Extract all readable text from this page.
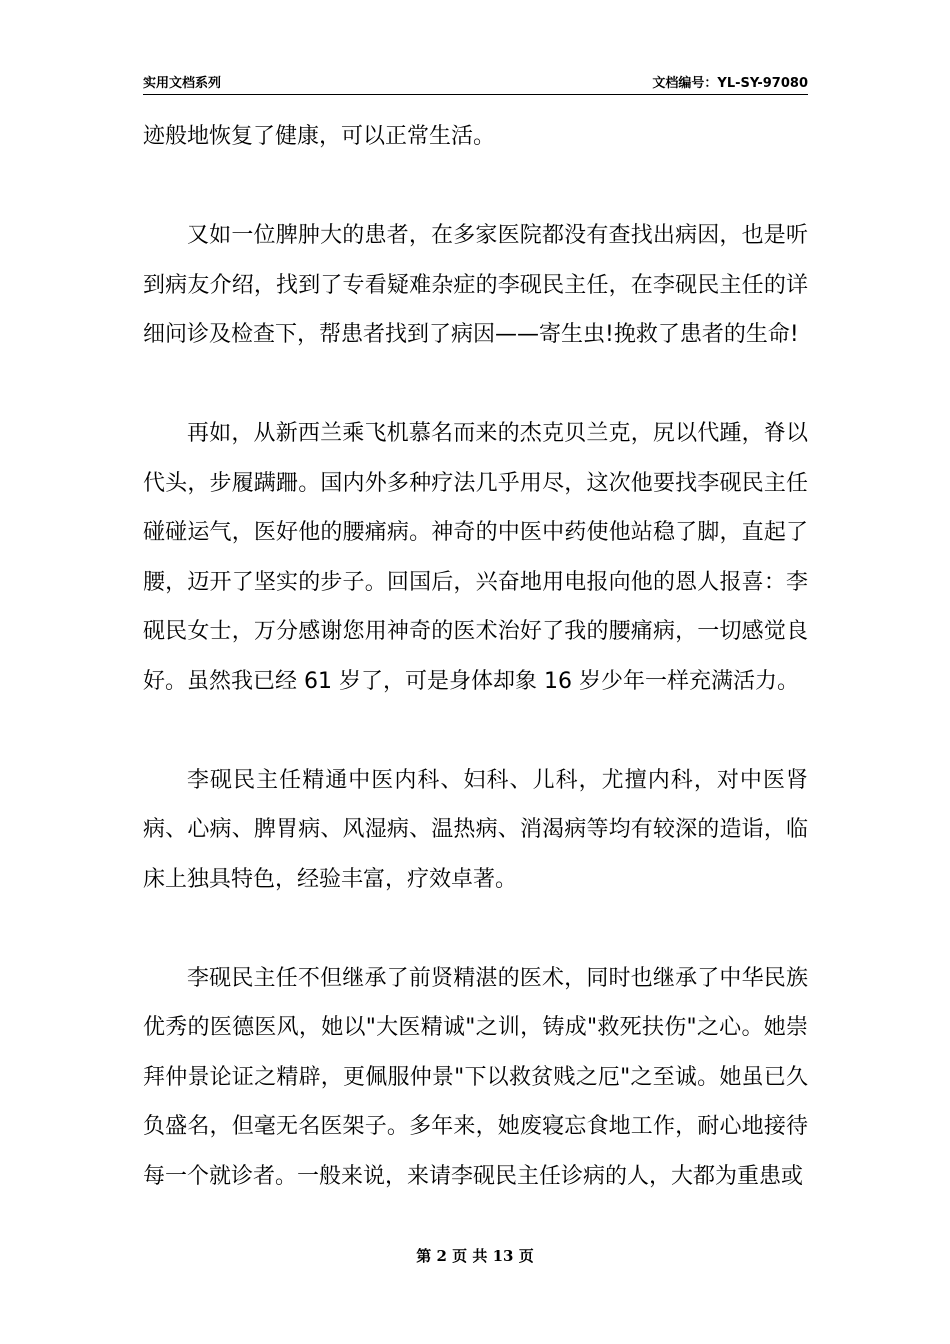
实用文档系列	文档编号：YL-SY-97080

迹般地恢复了健康，可以正常生活。

又如一位脾肿大的患者，在多家医院都没有查找出病因，也是听到病友介绍，找到了专看疑难杂症的李砚民主任，在李砚民主任的详细问诊及检查下，帮患者找到了病因——寄生虫!挽救了患者的生命!

再如，从新西兰乘飞机慕名而来的杰克贝兰克，尻以代踵，脊以代头，步履蹒跚。国内外多种疗法几乎用尽，这次他要找李砚民主任碰碰运气，医好他的腰痛病。神奇的中医中药使他站稳了脚，直起了腰，迈开了坚实的步子。回国后，兴奋地用电报向他的恩人报喜：李砚民女士，万分感谢您用神奇的医术治好了我的腰痛病，一切感觉良好。虽然我已经 61 岁了，可是身体却象 16 岁少年一样充满活力。

李砚民主任精通中医内科、妇科、儿科，尤擅内科，对中医肾病、心病、脾胃病、风湿病、温热病、消渴病等均有较深的造诣，临床上独具特色，经验丰富，疗效卓著。

李砚民主任不但继承了前贤精湛的医术，同时也继承了中华民族优秀的医德医风，她以"大医精诚"之训，铸成"救死扶伤"之心。她崇拜仲景论证之精辟，更佩服仲景"下以救贫贱之厄"之至诚。她虽已久负盛名，但毫无名医架子。多年来，她废寝忘食地工作，耐心地接待每一个就诊者。一般来说，来请李砚民主任诊病的人，大都为重患或

第 2 页 共 13 页
